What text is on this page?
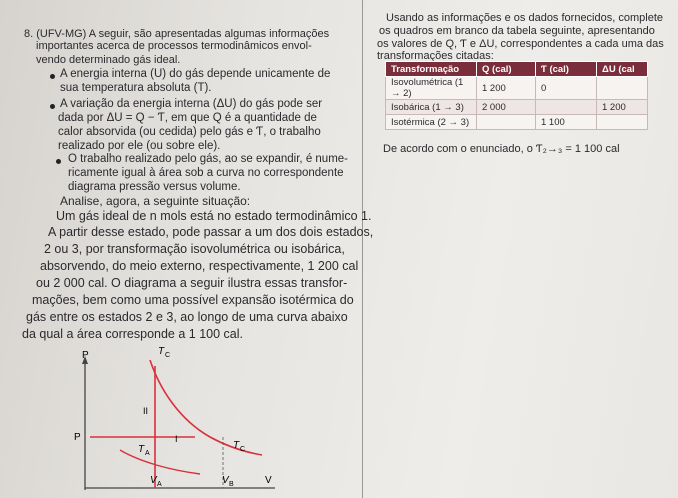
8. (UFV-MG) A seguir, são apresentadas algumas informações
importantes acerca de processos termodinâmicos envol-
vendo determinado gás ideal.
A energia interna (U) do gás depende unicamente de
sua temperatura absoluta (T).
A variação da energia interna (ΔU) do gás pode ser
dada por ΔU = Q − Ƭ, em que Q é a quantidade de
calor absorvida (ou cedida) pelo gás e Ƭ, o trabalho
realizado por ele (ou sobre ele).
O trabalho realizado pelo gás, ao se expandir, é nume-
ricamente igual à área sob a curva no correspondente
diagrama pressão versus volume.
Analise, agora, a seguinte situação:
Um gás ideal de n mols está no estado termodinâmico 1.
A partir desse estado, pode passar a um dos dois estados,
2 ou 3, por transformação isovolumétrica ou isobárica,
absorvendo, do meio externo, respectivamente, 1 200 cal
ou 2 000 cal. O diagrama a seguir ilustra essas transfor-
mações, bem como uma possível expansão isotérmica do
gás entre os estados 2 e 3, ao longo de uma curva abaixo
da qual a área corresponde a 1 100 cal.
P
P
T C
II
I
T A
T C
V A	V B	V
Usando as informações e os dados fornecidos, complete
os quadros em branco da tabela seguinte, apresentando
os valores de Q, Ƭ e ΔU, correspondentes a cada uma das
transformações citadas:
Transformação	Q (cal)	Ƭ (cal)	ΔU (cal
Isovolumétrica (1 → 2)	1 200	0	
Isobárica (1 → 3)	2 000		1 200
Isotérmica (2 → 3)		1 100	
De acordo com o enunciado, o Ƭ₂→₃ = 1 100 cal
